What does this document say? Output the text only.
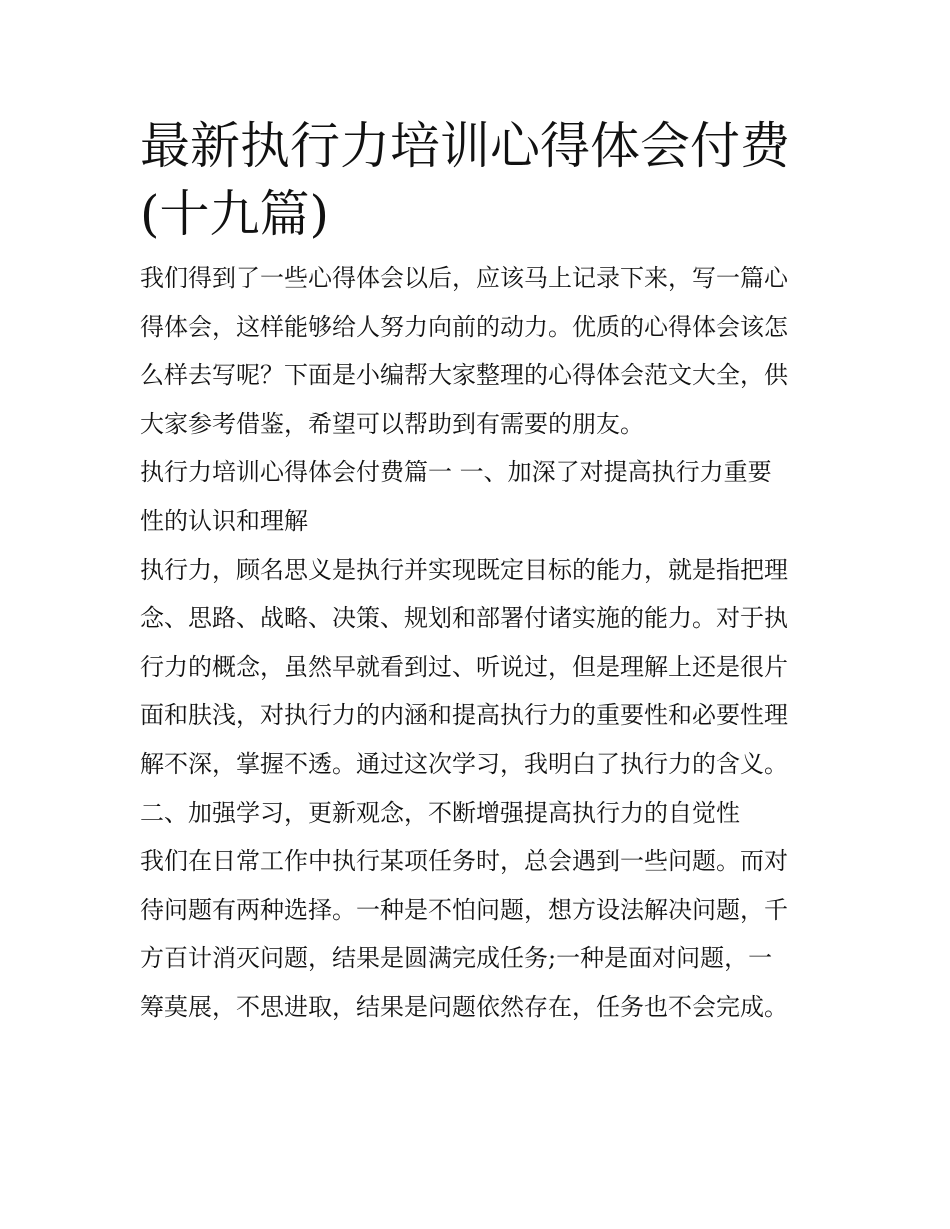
最新执行力培训心得体会付费
(十九篇)

我们得到了一些心得体会以后，应该马上记录下来，写一篇心
得体会，这样能够给人努力向前的动力。优质的心得体会该怎
么样去写呢？下面是小编帮大家整理的心得体会范文大全，供
大家参考借鉴，希望可以帮助到有需要的朋友。

执行力培训心得体会付费篇一 一、加深了对提高执行力重要
性的认识和理解

执行力，顾名思义是执行并实现既定目标的能力，就是指把理
念、思路、战略、决策、规划和部署付诸实施的能力。对于执
行力的概念，虽然早就看到过、听说过，但是理解上还是很片
面和肤浅，对执行力的内涵和提高执行力的重要性和必要性理
解不深，掌握不透。通过这次学习，我明白了执行力的含义。

二、加强学习，更新观念，不断增强提高执行力的自觉性

我们在日常工作中执行某项任务时，总会遇到一些问题。而对
待问题有两种选择。一种是不怕问题，想方设法解决问题，千
方百计消灭问题，结果是圆满完成任务;一种是面对问题，一
筹莫展，不思进取，结果是问题依然存在，任务也不会完成。
